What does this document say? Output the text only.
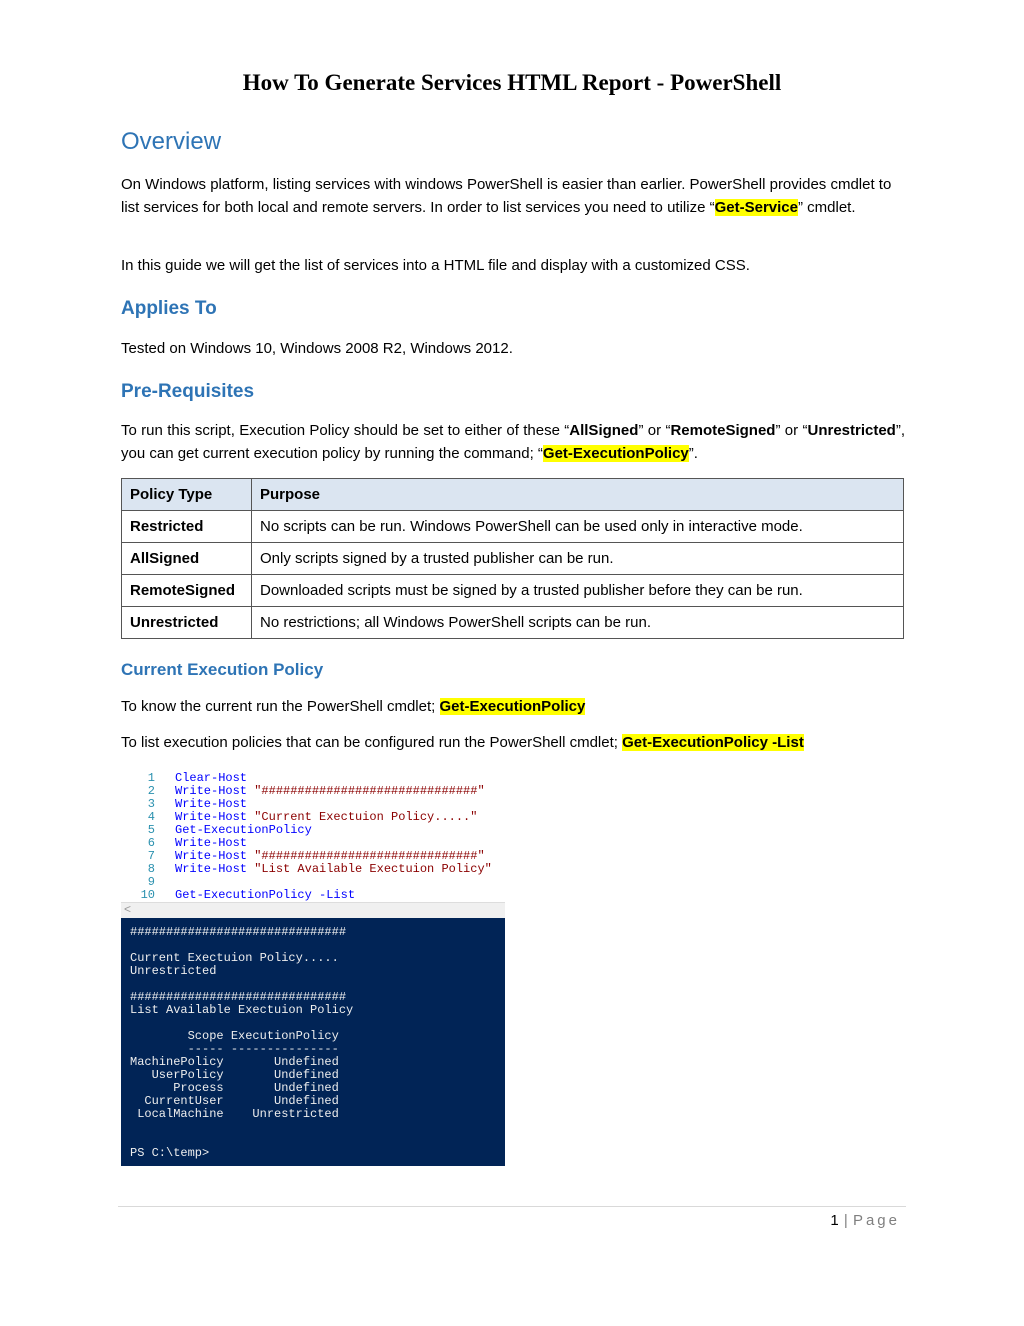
How To Generate Services HTML Report - PowerShell
Overview

On Windows platform, listing services with windows PowerShell is easier than earlier. PowerShell provides cmdlet to list services for both local and remote servers. In order to list services you need to utilize “Get-Service” cmdlet.

In this guide we will get the list of services into a HTML file and display with a customized CSS.

Applies To

Tested on Windows 10, Windows 2008 R2, Windows 2012.

Pre-Requisites

To run this script, Execution Policy should be set to either of these “AllSigned” or “RemoteSigned” or “Unrestricted”, you can get current execution policy by running the command; “Get-ExecutionPolicy”.

Policy Type	Purpose
Restricted	No scripts can be run. Windows PowerShell can be used only in interactive mode.
AllSigned	Only scripts signed by a trusted publisher can be run.
RemoteSigned	Downloaded scripts must be signed by a trusted publisher before they can be run.
Unrestricted	No restrictions; all Windows PowerShell scripts can be run.
Current Execution Policy

To know the current run the PowerShell cmdlet; Get-ExecutionPolicy

To list execution policies that can be configured run the PowerShell cmdlet; Get-ExecutionPolicy -List

1 Clear-Host
2 Write-Host "##############################"
3 Write-Host
4 Write-Host "Current Exectuion Policy....."
5 Get-ExecutionPolicy
6 Write-Host
7 Write-Host "##############################"
8 Write-Host "List Available Exectuion Policy"
9
10 Get-ExecutionPolicy -List
<
##############################
Current Exectuion Policy.....
Unrestricted
##############################
List Available Exectuion Policy
Scope ExecutionPolicy
----- ---------------
MachinePolicy       Undefined
UserPolicy       Undefined
Process       Undefined
CurrentUser       Undefined
LocalMachine    Unrestricted
PS C:\temp>
1 | Page
